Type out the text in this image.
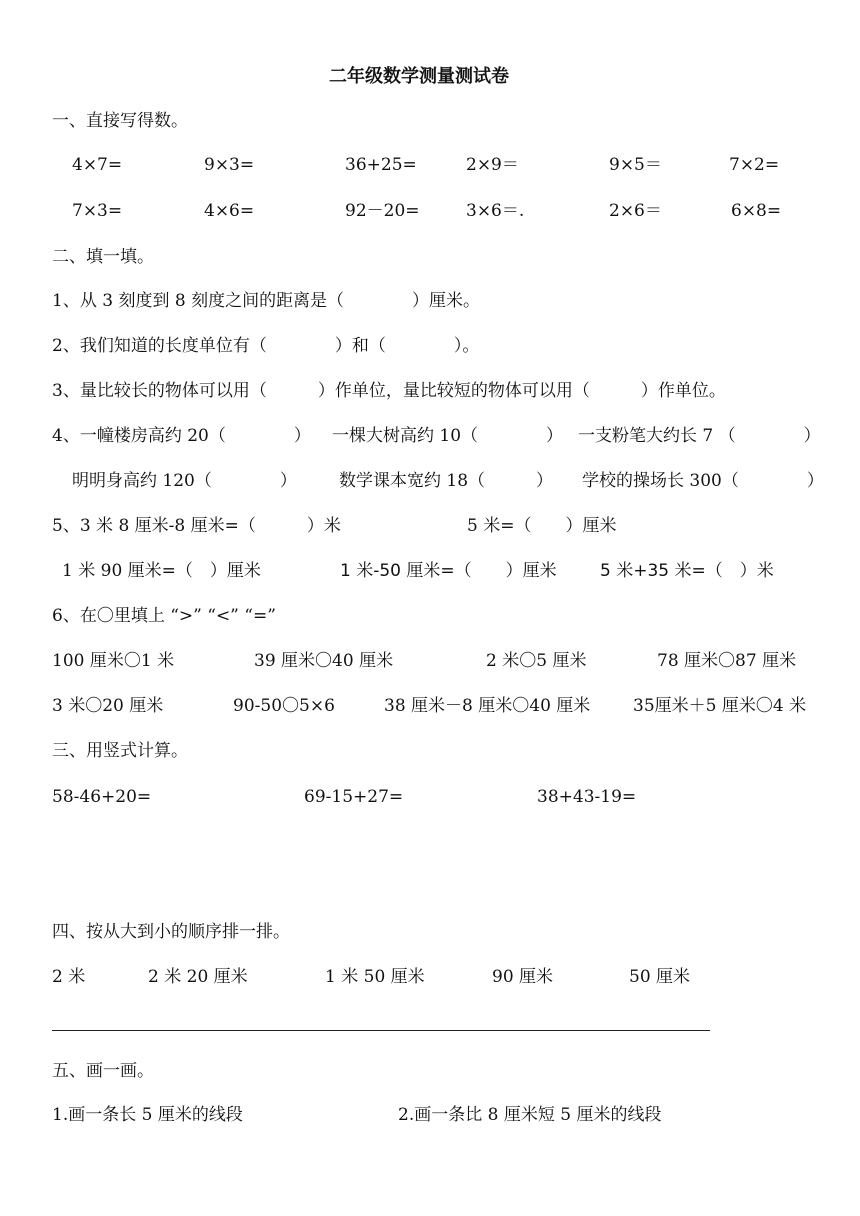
二年级数学测量测试卷
一、直接写得数。
4×7=	9×3=	36+25=	2×9＝	9×5＝	7×2=
7×3=	4×6=	92－20=	3×6＝.	2×6＝	6×8=
二、填一填。
1、从 3 刻度到 8 刻度之间的距离是（　　　　）厘米。
2、我们知道的长度单位有（　　　　）和（　　　　）。
3、量比较长的物体可以用（　　　）作单位，量比较短的物体可以用（　　　）作单位。
4、一幢楼房高约 20（　　　　） 一棵大树高约 10（　　　　） 一支粉笔大约长 7 （　　　　）
明明身高约 120（　　　　） 数学课本宽约 18（　　　） 学校的操场长 300（　　　　）
5、3 米 8 厘米-8 厘米=（　　　）米	5 米=（　　）厘米
1 米 90 厘米=（　）厘米	1 米-50 厘米=（　　）厘米	5 米+35 米=（　）米
6、在〇里填上 “>” “<” “=”
100 厘米〇1 米	39 厘米〇40 厘米	2 米〇5 厘米	78 厘米〇87 厘米
3 米〇20 厘米	90-50〇5×6	38 厘米－8 厘米〇40 厘米	35厘米＋5 厘米〇4 米
三、用竖式计算。
58-46+20=	69-15+27=	38+43-19=
四、按从大到小的顺序排一排。
2 米	2 米 20 厘米	1 米 50 厘米	90 厘米	50 厘米
五、画一画。
1.画一条长 5 厘米的线段	2.画一条比 8 厘米短 5 厘米的线段
